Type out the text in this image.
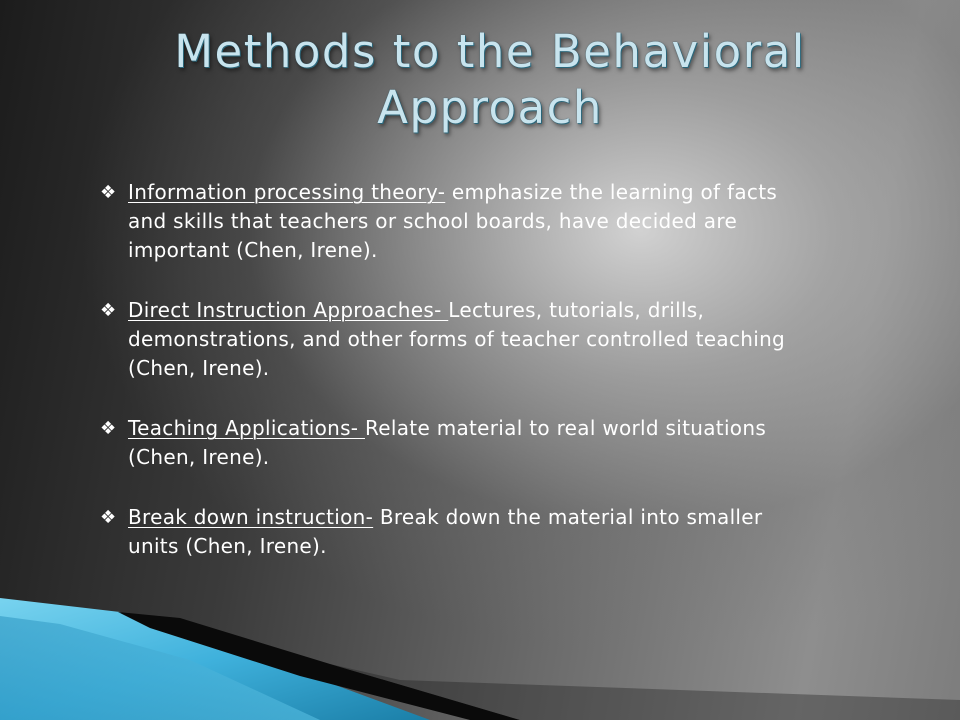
Methods to the Behavioral Approach
❖ Information processing theory- emphasize the learning of facts and skills that teachers or school boards, have decided are important (Chen, Irene).
❖ Direct Instruction Approaches- Lectures, tutorials, drills, demonstrations, and other forms of teacher controlled teaching (Chen, Irene).
❖ Teaching Applications- Relate material to real world situations (Chen, Irene).
❖ Break down instruction- Break down the material into smaller units (Chen, Irene).
